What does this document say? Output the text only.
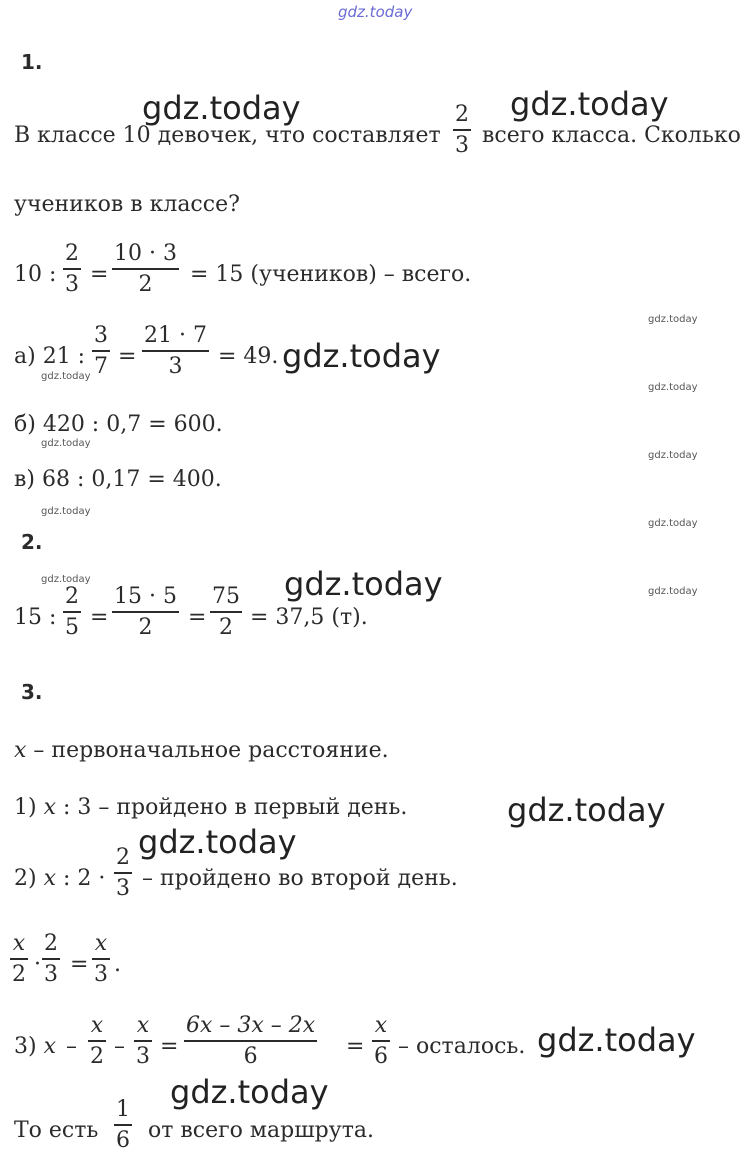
gdz.today
1.
В классе 10 девочек, что составляет
2
3 всего класса. Сколько
учеников в классе?
10 :
2
3 =
10 · 3
2	= 15 (учеников) – всего.
а) 21 :
3
7 =
21 · 7
3	= 49.
б) 420 : 0,7 = 600.
в) 68 : 0,17 = 400.
2.
15 :
2
5 =
15 · 5
2	=
75
2 = 37,5 (т).
3.
x – первоначальное расстояние.
1) x : 3 – пройдено в первый день.
2) x : 2 ·
2
3 – пройдено во второй день.
x
2 ·
2
3 =
x
3 .
3) x –
x
2 –
x
3 =
6x – 3x – 2x
6	=
x
6 – осталось.
То есть
1
6 от всего маршрута.
gdz.today	gdz.today
gdz.today
gdz.today
gdz.today
gdz.today
gdz.today
gdz.today
gdz.today
gdz.today
gdz.today
gdz.today
gdz.today
gdz.today
gdz.today
gdz.today
gdz.today
